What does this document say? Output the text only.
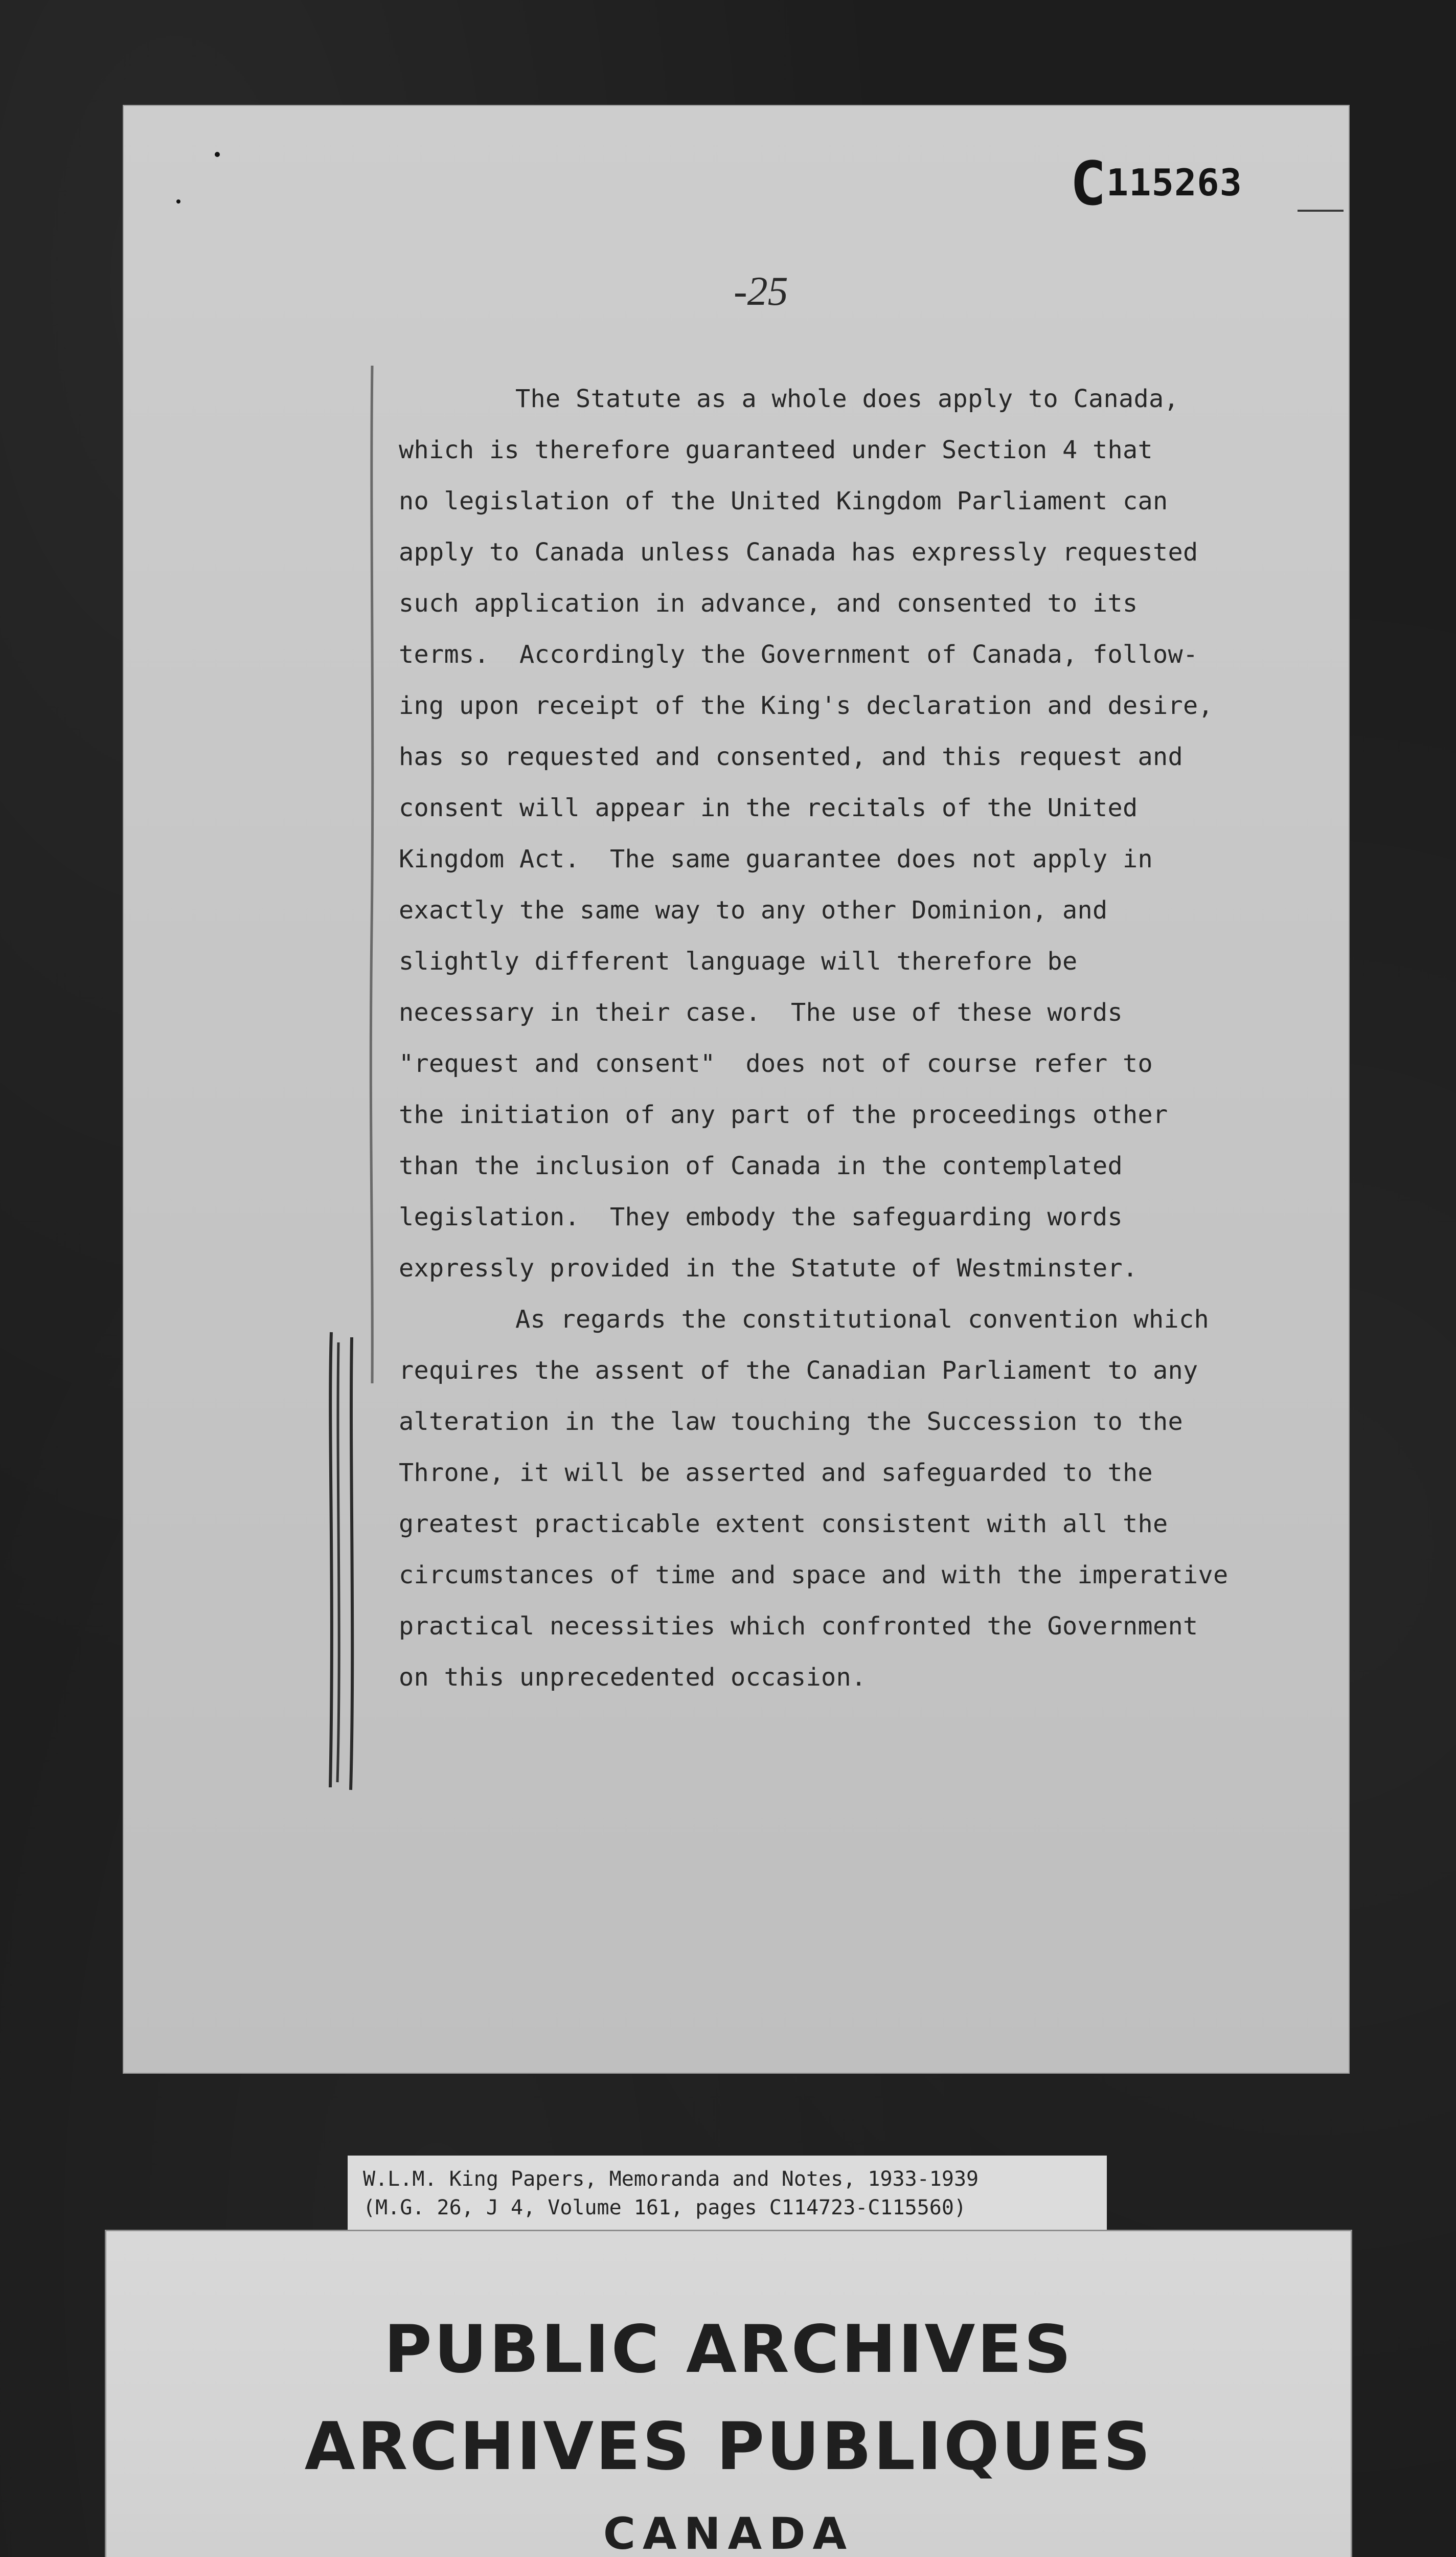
C 115263
-25

The Statute as a whole does apply to Canada,
which is therefore guaranteed under Section 4 that
no legislation of the United Kingdom Parliament can
apply to Canada unless Canada has expressly requested
such application in advance, and consented to its
terms.  Accordingly the Government of Canada, follow-
ing upon receipt of the King's declaration and desire,
has so requested and consented, and this request and
consent will appear in the recitals of the United
Kingdom Act.  The same guarantee does not apply in
exactly the same way to any other Dominion, and
slightly different language will therefore be
necessary in their case.  The use of these words
"request and consent"  does not of course refer to
the initiation of any part of the proceedings other
than the inclusion of Canada in the contemplated
legislation.  They embody the safeguarding words
expressly provided in the Statute of Westminster.

As regards the constitutional convention which
requires the assent of the Canadian Parliament to any
alteration in the law touching the Succession to the
Throne, it will be asserted and safeguarded to the
greatest practicable extent consistent with all the
circumstances of time and space and with the imperative
practical necessities which confronted the Government
on this unprecedented occasion.

W.L.M. King Papers, Memoranda and Notes, 1933-1939
(M.G. 26, J 4, Volume 161, pages C114723-C115560)
PUBLIC ARCHIVES
ARCHIVES PUBLIQUES
CANADA
